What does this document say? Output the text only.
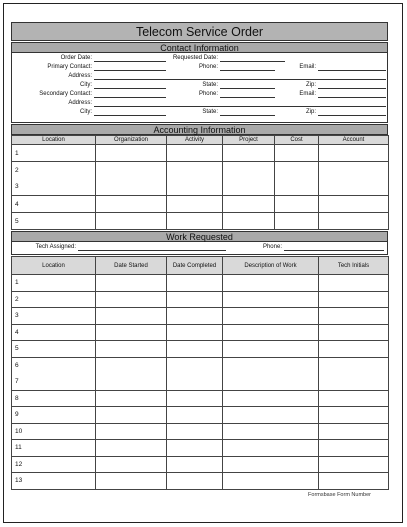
Telecom Service Order
Contact Information
Order Date:	Requested Date:
Primary Contact:	Phone:	Email:
Address:
City:	State:	Zip:
Secondary Contact:	Phone:	Email:
Address:
City:	State:	Zip:
Accounting Information
Location	Organization	Activity	Project	Cost	Account
1					
2					
3					
4					
5					
Work Requested
Tech Assigned:	Phone:
Location	Date Started	Date Completed	Description of Work	Tech Initials
1				
2				
3				
4				
5				
6				
7				
8				
9				
10				
11				
12				
13				
Formsbase Form Number
